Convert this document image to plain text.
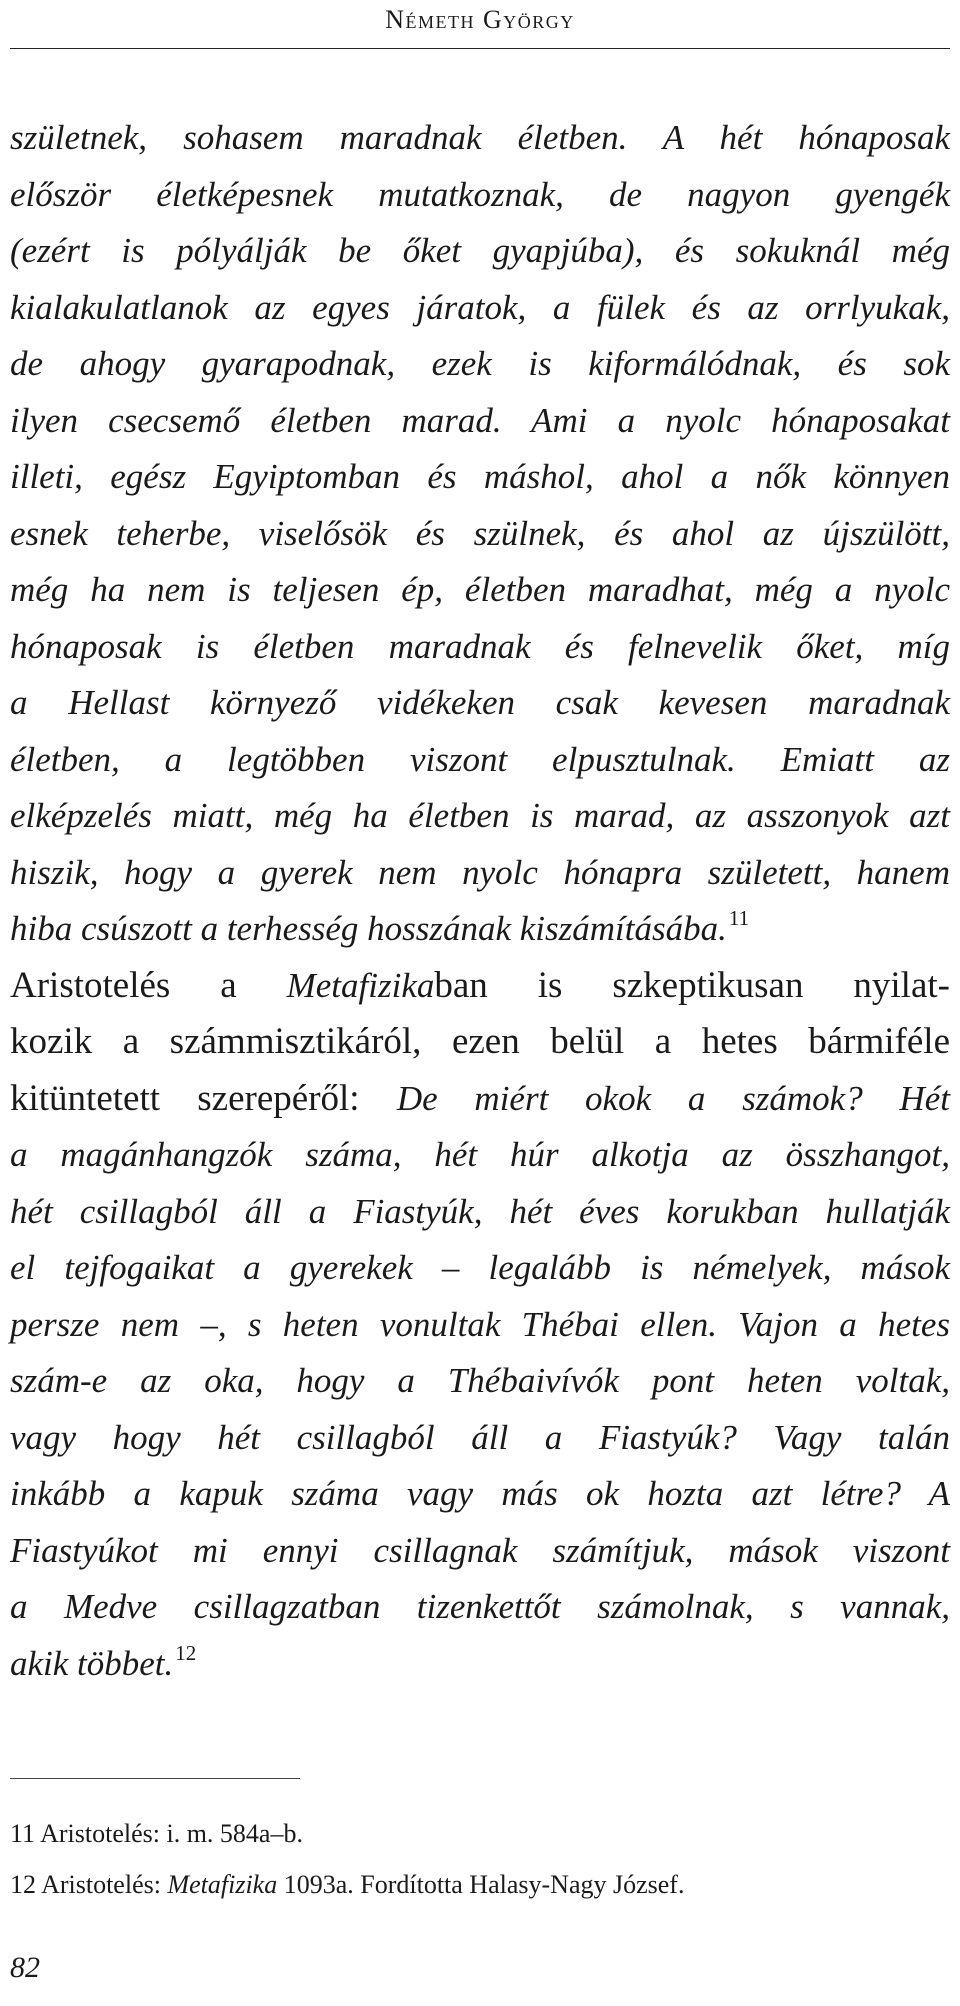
Németh György
születnek, sohasem maradnak életben. A hét hónaposak
először életképesnek mutatkoznak, de nagyon gyengék
(ezért is pólyálják be őket gyapjúba), és sokuknál még
kialakulatlanok az egyes járatok, a fülek és az orrlyukak,
de ahogy gyarapodnak, ezek is kiformálódnak, és sok
ilyen csecsemő életben marad. Ami a nyolc hónaposakat
illeti, egész Egyiptomban és máshol, ahol a nők könnyen
esnek teherbe, viselősök és szülnek, és ahol az újszülött,
még ha nem is teljesen ép, életben maradhat, még a nyolc
hónaposak is életben maradnak és felnevelik őket, míg
a Hellast környező vidékeken csak kevesen maradnak
életben, a legtöbben viszont elpusztulnak. Emiatt az
elképzelés miatt, még ha életben is marad, az asszonyok azt
hiszik, hogy a gyerek nem nyolc hónapra született, hanem
hiba csúszott a terhesség hosszának kiszámításába.$^{11}$
Aristotelés a Metafizikaban is szkeptikusan nyilat-
kozik a számmisztikáról, ezen belül a hetes bármiféle
kitüntetett szerepéről: De miért okok a számok? Hét
a magánhangzók száma, hét húr alkotja az összhangot,
hét csillagból áll a Fiastyúk, hét éves korukban hullatják
el tejfogaikat a gyerekek – legalább is némelyek, mások
persze nem –, s heten vonultak Thébai ellen. Vajon a hetes
szám-e az oka, hogy a Thébaivívók pont heten voltak,
vagy hogy hét csillagból áll a Fiastyúk? Vagy talán
inkább a kapuk száma vagy más ok hozta azt létre? A
Fiastyúkot mi ennyi csillagnak számítjuk, mások viszont
a Medve csillagzatban tizenkettőt számolnak, s vannak,
akik többet.$^{12}$
11 Aristotelés: i. m. 584a–b.
12 Aristotelés: Metafizika 1093a. Fordította Halasy-Nagy József.
82
